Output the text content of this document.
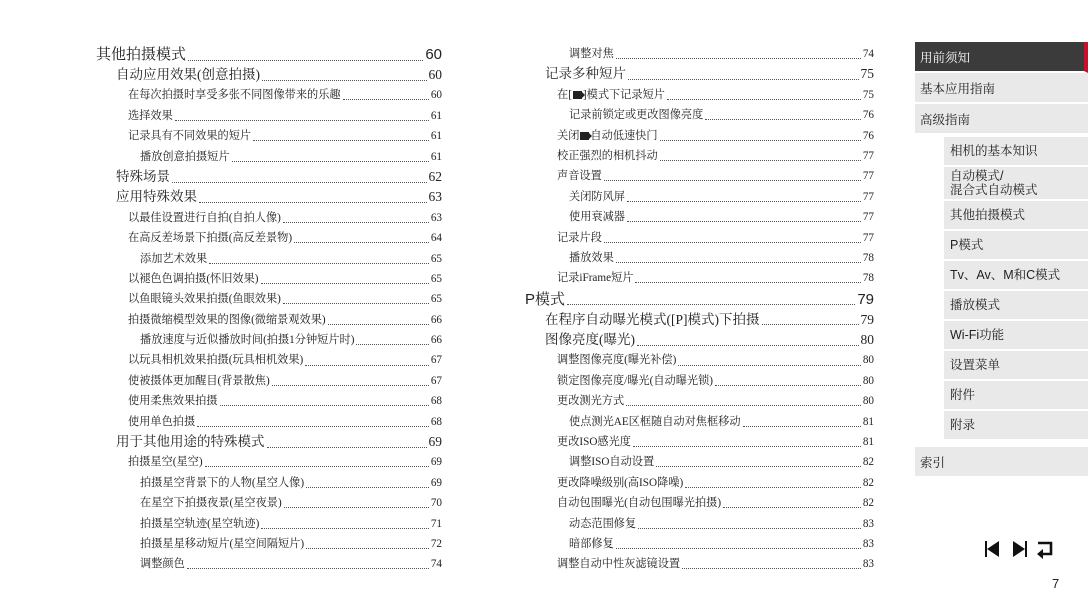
其他拍摄模式	60
自动应用效果(创意拍摄)	60
在每次拍摄时享受多张不同图像带来的乐趣	60
选择效果	61
记录具有不同效果的短片	61
播放创意拍摄短片	61
特殊场景	62
应用特殊效果	63
以最佳设置进行自拍(自拍人像)	63
在高反差场景下拍摄(高反差景物)	64
添加艺术效果	65
以褪色色调拍摄(怀旧效果)	65
以鱼眼镜头效果拍摄(鱼眼效果)	65
拍摄微缩模型效果的图像(微缩景观效果)	66
播放速度与近似播放时间(拍摄1分钟短片时)	66
以玩具相机效果拍摄(玩具相机效果)	67
使被摄体更加醒目(背景散焦)	67
使用柔焦效果拍摄	68
使用单色拍摄	68
用于其他用途的特殊模式	69
拍摄星空(星空)	69
拍摄星空背景下的人物(星空人像)	69
在星空下拍摄夜景(星空夜景)	70
拍摄星空轨迹(星空轨迹)	71
拍摄星星移动短片(星空间隔短片)	72
调整颜色	74
调整对焦	74
记录多种短片	75
在[ ]模式下记录短片	75
记录前锁定或更改图像亮度	76
关闭 自动低速快门	76
校正强烈的相机抖动	77
声音设置	77
关闭防风屏	77
使用衰减器	77
记录片段	77
播放效果	78
记录iFrame短片	78
P模式	79
在程序自动曝光模式([P]模式)下拍摄	79
图像亮度(曝光)	80
调整图像亮度(曝光补偿)	80
锁定图像亮度/曝光(自动曝光锁)	80
更改测光方式	80
使点测光AE区框随自动对焦框移动	81
更改ISO感光度	81
调整ISO自动设置	82
更改降噪级别(高ISO降噪)	82
自动包围曝光(自动包围曝光拍摄)	82
动态范围修复	83
暗部修复	83
调整自动中性灰滤镜设置	83
用前须知
基本应用指南
高级指南
相机的基本知识
自动模式/
混合式自动模式
其他拍摄模式
P模式
Tv、Av、M和C模式
播放模式
Wi-Fi功能
设置菜单
附件
附录
索引
7
